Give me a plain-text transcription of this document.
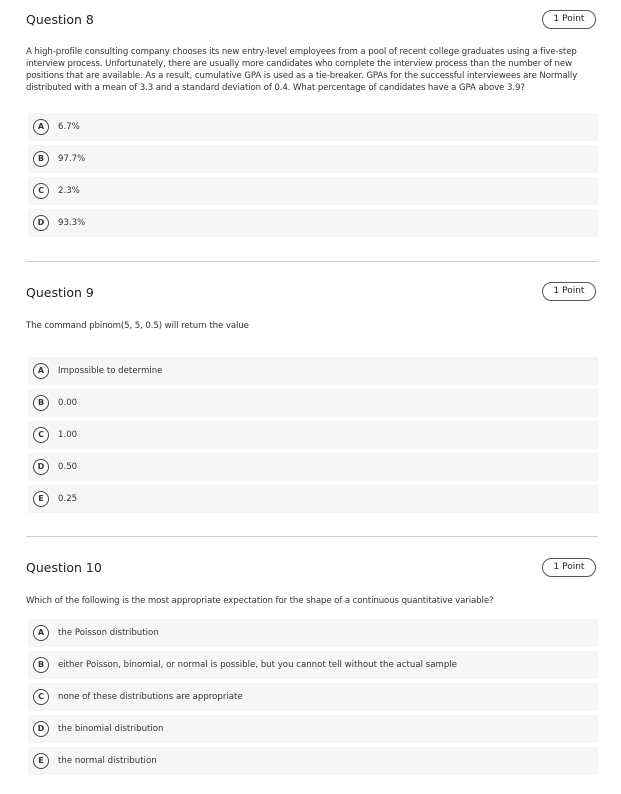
Question 8	1 Point

A high-profile consulting company chooses its new entry-level employees from a pool of recent college graduates using a five-step interview process. Unfortunately, there are usually more candidates who complete the interview process than the number of new positions that are available. As a result, cumulative GPA is used as a tie-breaker. GPAs for the successful interviewees are Normally distributed with a mean of 3.3 and a standard deviation of 0.4. What percentage of candidates have a GPA above 3.9?

A	6.7%
B	97.7%
C	2.3%
D	93.3%
Question 9	1 Point

The command pbinom(5, 5, 0.5) will return the value

A	Impossible to determine
B	0.00
C	1.00
D	0.50
E	0.25
Question 10	1 Point

Which of the following is the most appropriate expectation for the shape of a continuous quantitative variable?

A	the Poisson distribution
B	either Poisson, binomial, or normal is possible, but you cannot tell without the actual sample
C	none of these distributions are appropriate
D	the binomial distribution
E	the normal distribution
